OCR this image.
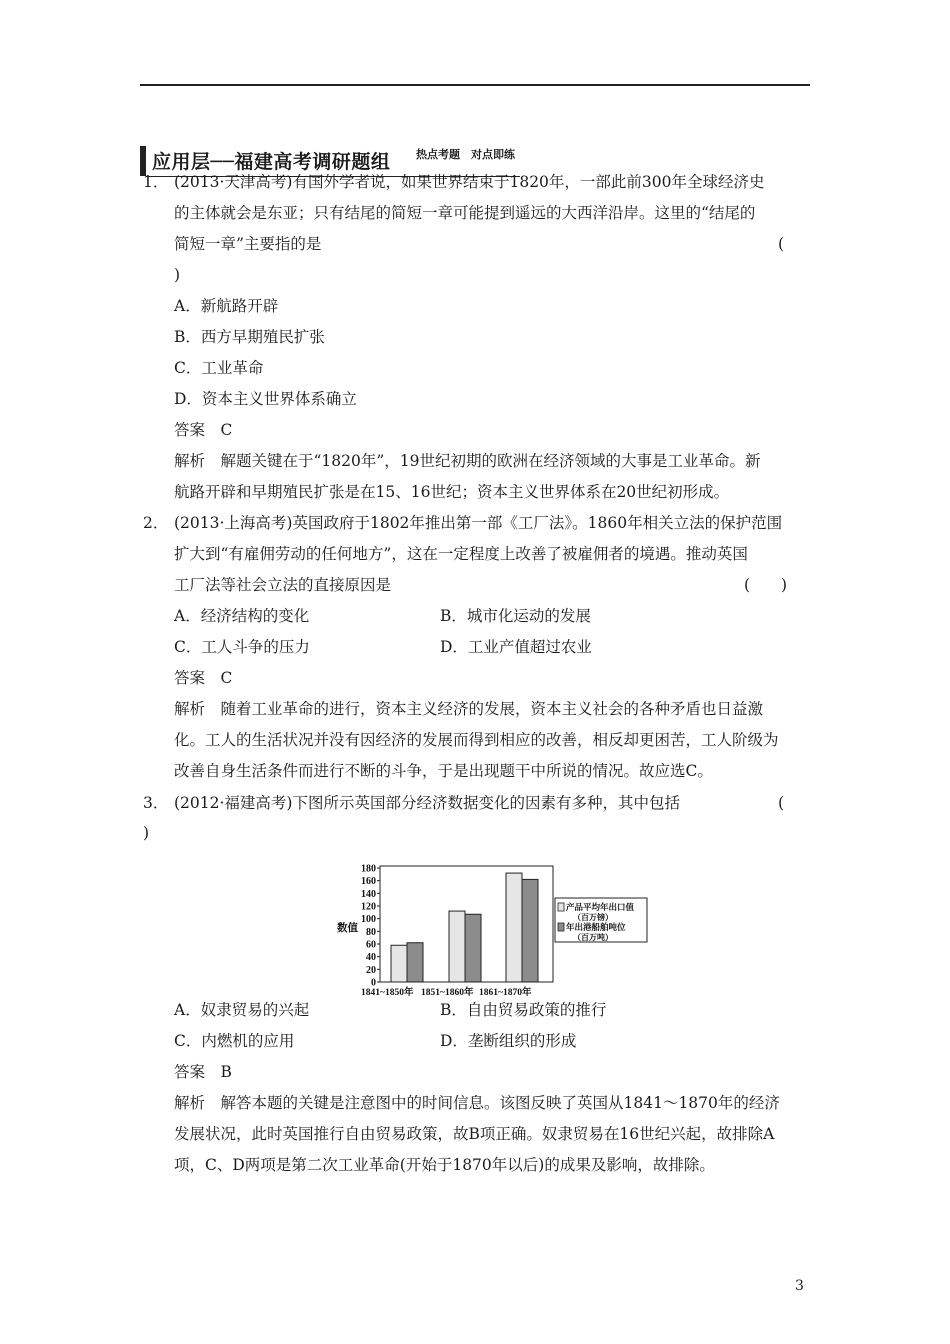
应用层──福建高考调研题组 热点考题　对点即练
1． (2013·天津高考)有国外学者说，如果世界结束于1820年，一部此前300年全球经济史
的主体就会是东亚；只有结尾的简短一章可能提到遥远的大西洋沿岸。这里的“结尾的
简短一章”主要指的是	(
)
A．新航路开辟
B．西方早期殖民扩张
C．工业革命
D．资本主义世界体系确立
答案　C
解析　解题关键在于“1820年”，19世纪初期的欧洲在经济领域的大事是工业革命。新
航路开辟和早期殖民扩张是在15、16世纪；资本主义世界体系在20世纪初形成。
2． (2013·上海高考)英国政府于1802年推出第一部《工厂法》。1860年相关立法的保护范围
扩大到“有雇佣劳动的任何地方”，这在一定程度上改善了被雇佣者的境遇。推动英国
工厂法等社会立法的直接原因是	(　　)
A．经济结构的变化	B．城市化运动的发展
C．工人斗争的压力	D．工业产值超过农业
答案　C
解析　随着工业革命的进行，资本主义经济的发展，资本主义社会的各种矛盾也日益激
化。工人的生活状况并没有因经济的发展而得到相应的改善，相反却更困苦，工人阶级为
改善自身生活条件而进行不断的斗争，于是出现题干中所说的情况。故应选C。
3． (2012·福建高考)下图所示英国部分经济数据变化的因素有多种，其中包括	(
)
0
20
40
60
80
100
120
140
160
180
数值
1841~1850年 1851~1860年 1861~1870年
产品平均年出口值
（百万镑）
年出港船舶吨位
（百万吨）
A．奴隶贸易的兴起	B．自由贸易政策的推行
C．内燃机的应用	D．垄断组织的形成
答案　B
解析　解答本题的关键是注意图中的时间信息。该图反映了英国从1841～1870年的经济
发展状况，此时英国推行自由贸易政策，故B项正确。奴隶贸易在16世纪兴起，故排除A
项，C、D两项是第二次工业革命(开始于1870年以后)的成果及影响，故排除。
3
